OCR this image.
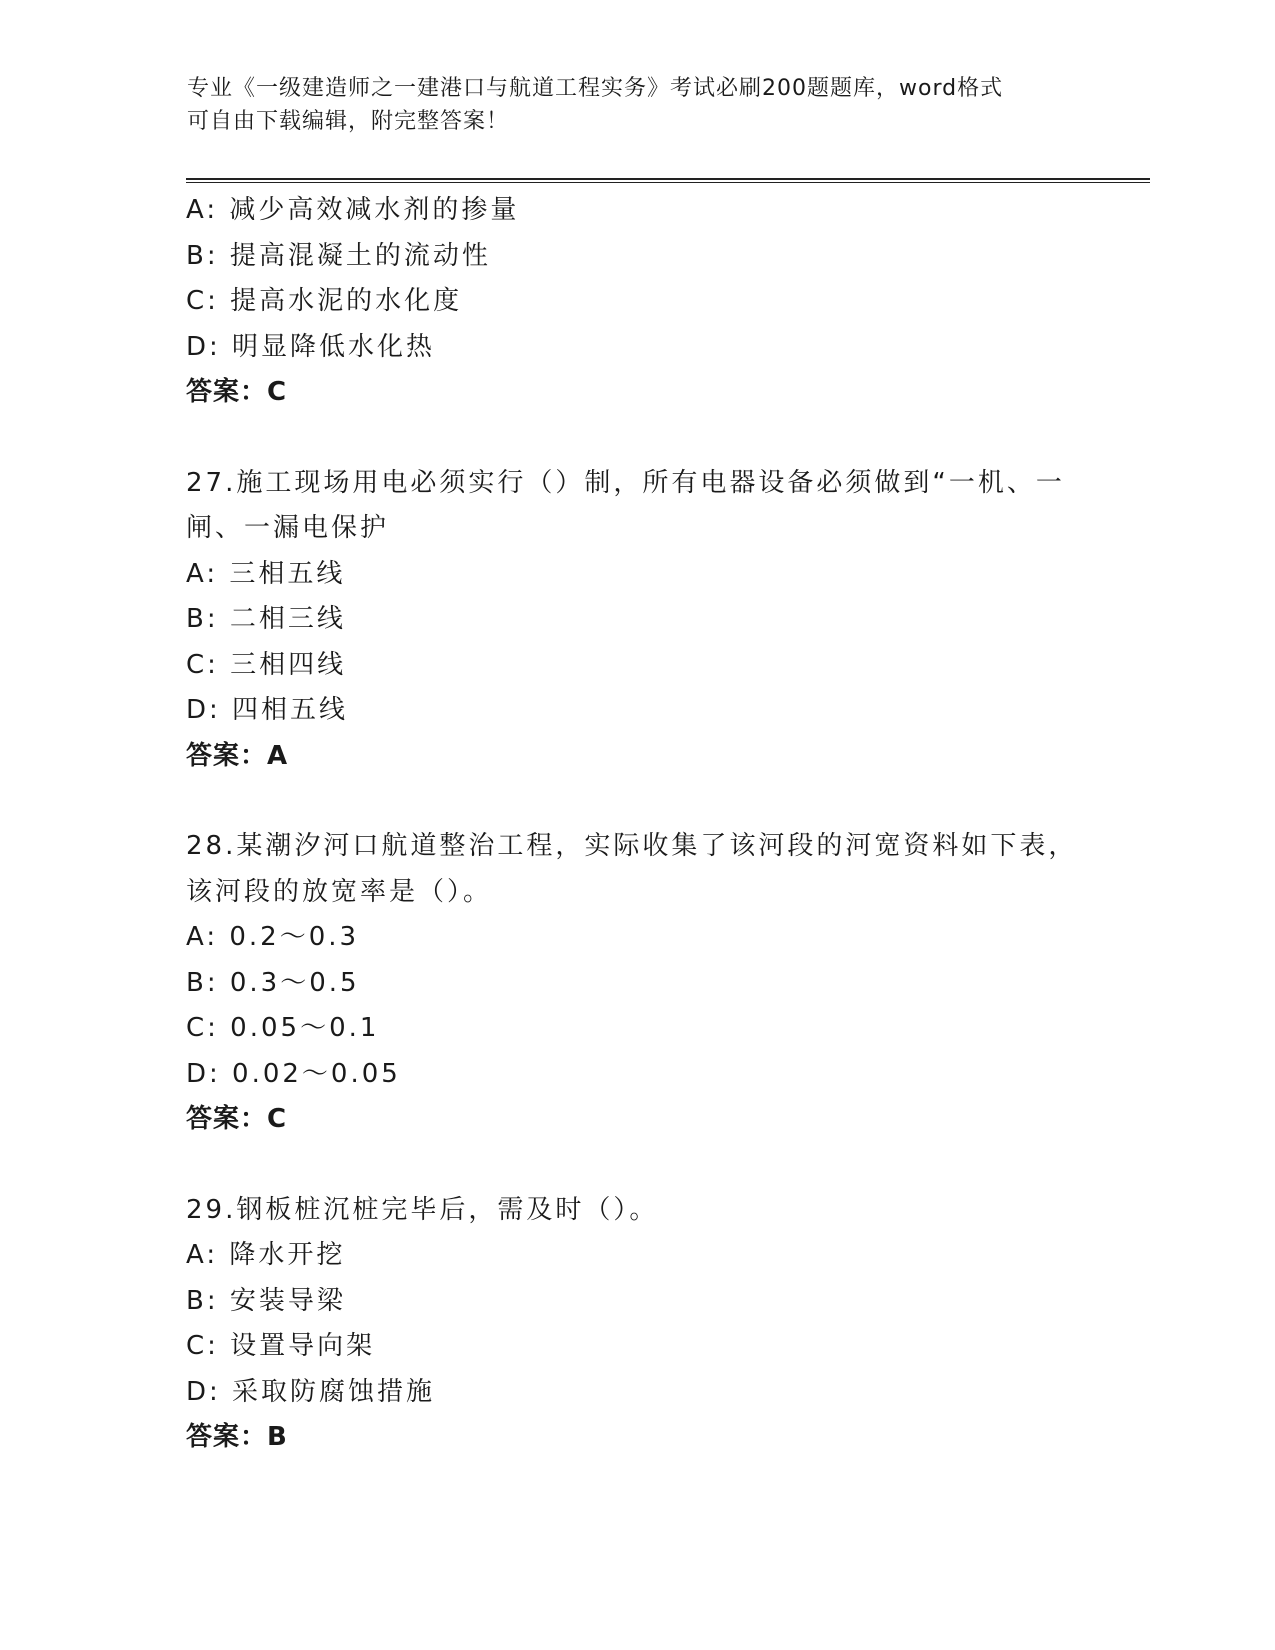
专业《一级建造师之一建港口与航道工程实务》考试必刷200题题库，word格式
可自由下载编辑，附完整答案！
A: 减少高效减水剂的掺量
B: 提高混凝土的流动性
C: 提高水泥的水化度
D: 明显降低水化热
答案：C
27.施工现场用电必须实行（）制，所有电器设备必须做到“一机、一
闸、一漏电保护
A: 三相五线
B: 二相三线
C: 三相四线
D: 四相五线
答案：A
28.某潮汐河口航道整治工程，实际收集了该河段的河宽资料如下表，
该河段的放宽率是（）。
A: 0.2～0.3
B: 0.3～0.5
C: 0.05～0.1
D: 0.02～0.05
答案：C
29.钢板桩沉桩完毕后，需及时（）。
A: 降水开挖
B: 安装导梁
C: 设置导向架
D: 采取防腐蚀措施
答案：B
